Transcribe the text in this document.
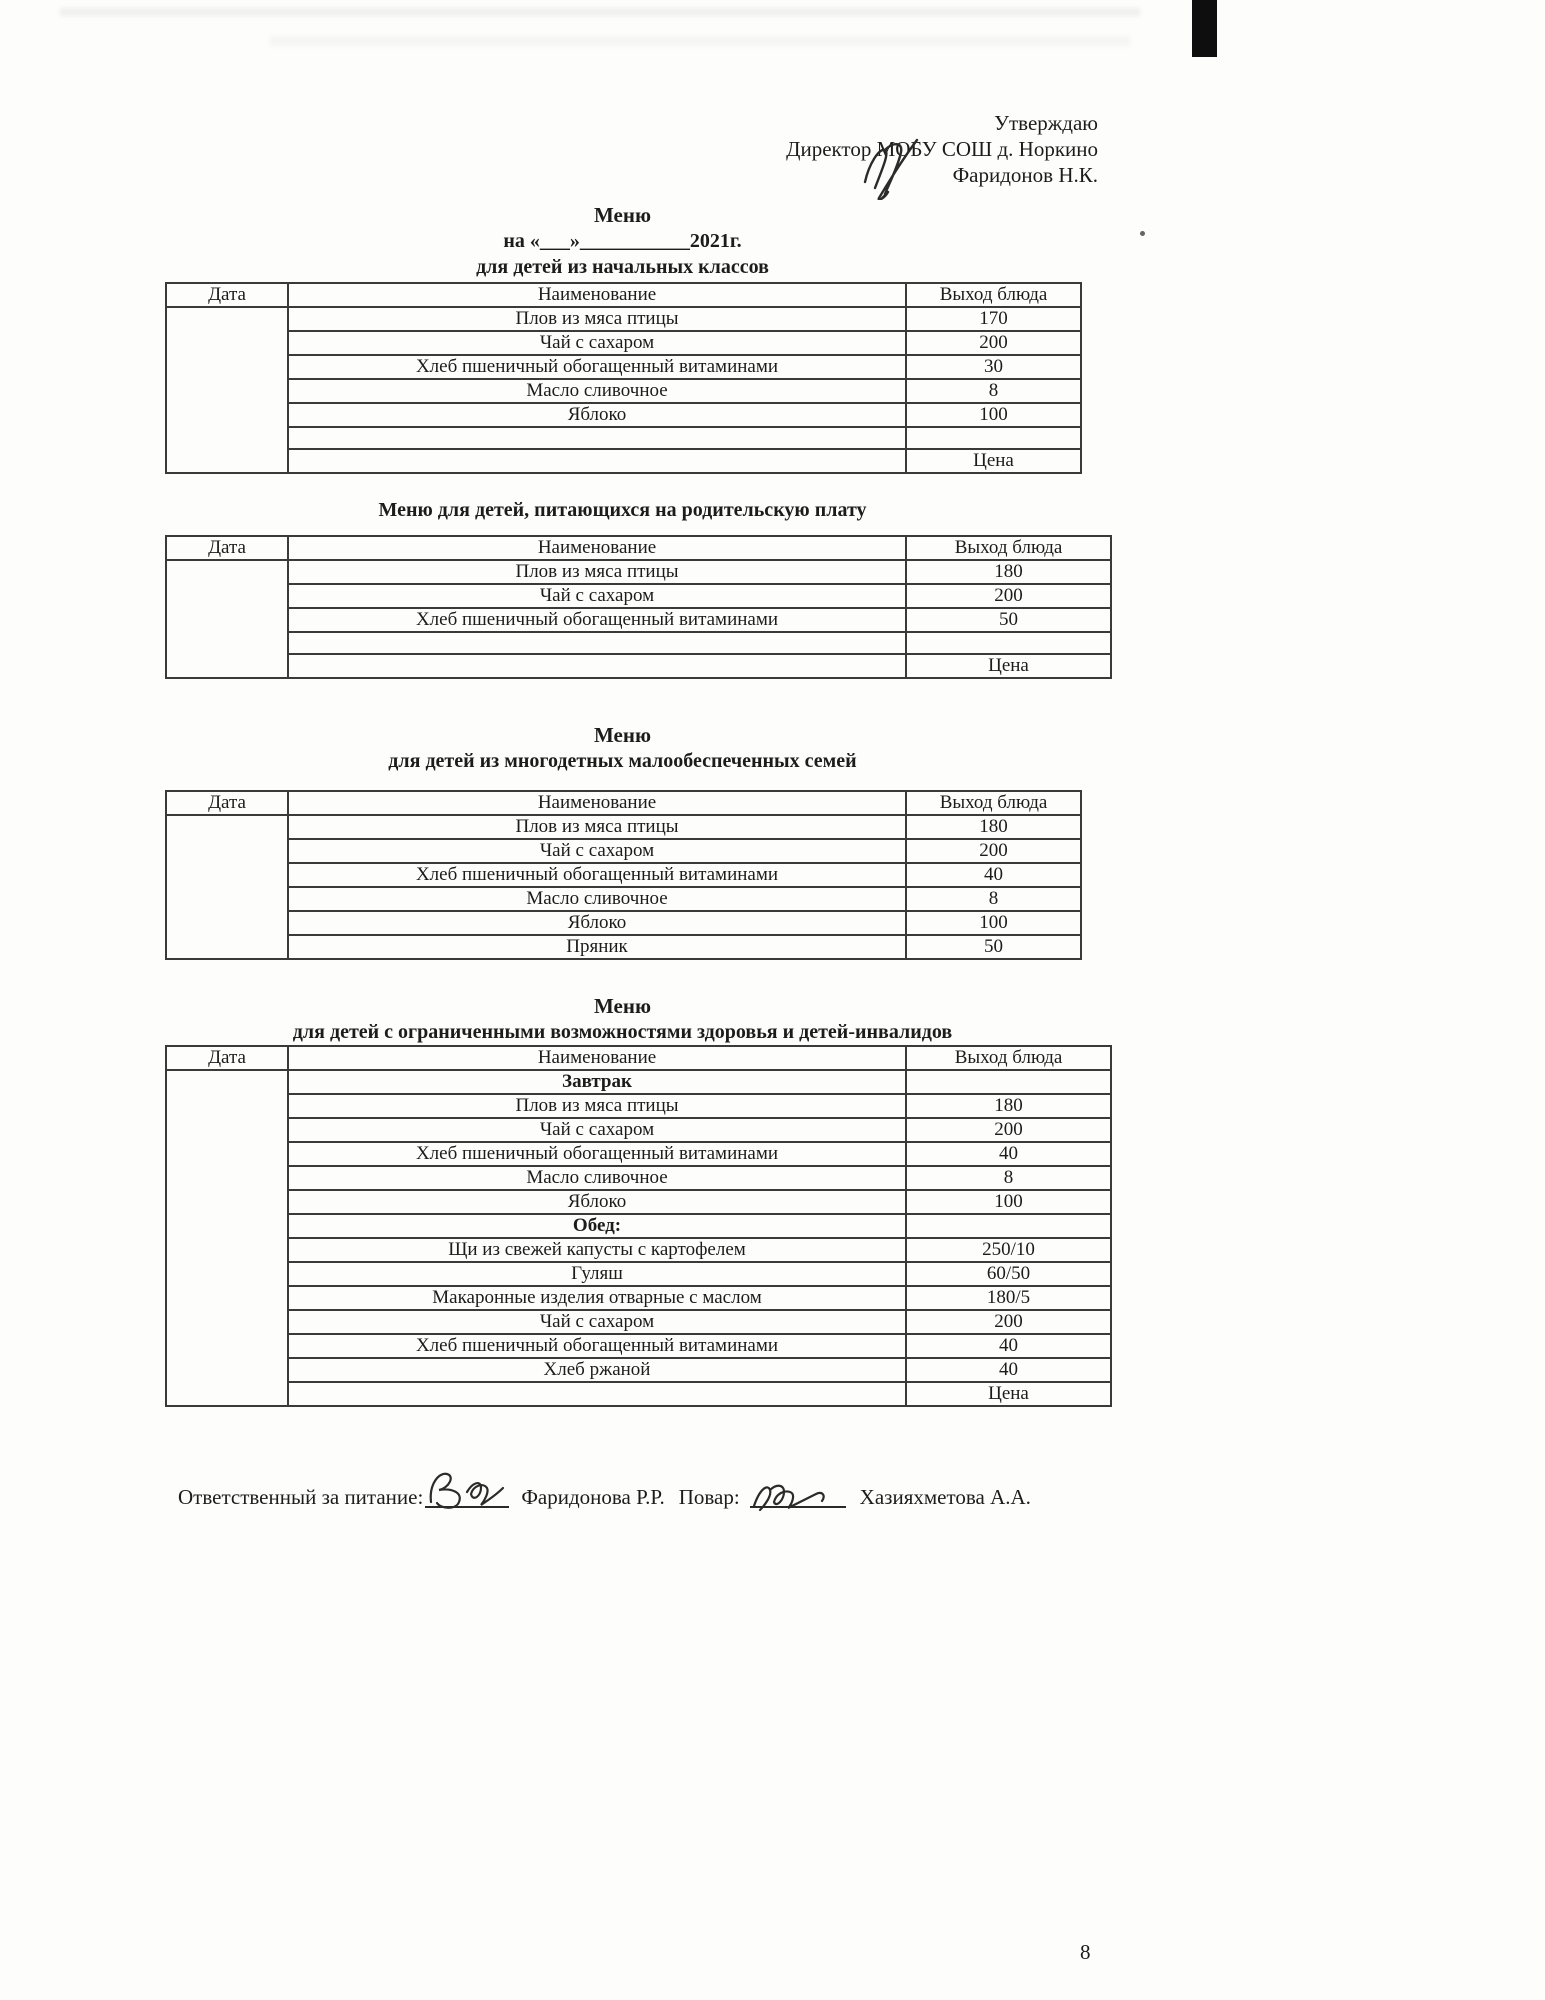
Утверждаю
Директор МОБУ СОШ д. Норкино
Фаридонов Н.К.
Меню
на «___»___________2021г.
для детей из начальных классов
Дата	Наименование	Выход блюда
	Плов из мяса птицы	170
	Чай с сахаром	200
	Хлеб пшеничный обогащенный витаминами	30
	Масло сливочное	8
	Яблоко	100

		Цена
Меню для детей, питающихся на родительскую плату
Дата	Наименование	Выход блюда
	Плов из мяса птицы	180
	Чай с сахаром	200
	Хлеб пшеничный обогащенный витаминами	50

		Цена
Меню
для детей из многодетных малообеспеченных семей
Дата	Наименование	Выход блюда
	Плов из мяса птицы	180
	Чай с сахаром	200
	Хлеб пшеничный обогащенный витаминами	40
	Масло сливочное	8
	Яблоко	100
	Пряник	50
Меню
для детей с ограниченными возможностями здоровья и детей-инвалидов
Дата	Наименование	Выход блюда
	Завтрак	
	Плов из мяса птицы	180
	Чай с сахаром	200
	Хлеб пшеничный обогащенный витаминами	40
	Масло сливочное	8
	Яблоко	100
	Обед:	
	Щи из свежей капусты с картофелем	250/10
	Гуляш	60/50
	Макаронные изделия отварные с маслом	180/5
	Чай с сахаром	200
	Хлеб пшеничный обогащенный витаминами	40
	Хлеб ржаной	40
		Цена
Ответственный за питание:	Фаридонова Р.Р. Повар:	Хазияхметова А.А.
8
